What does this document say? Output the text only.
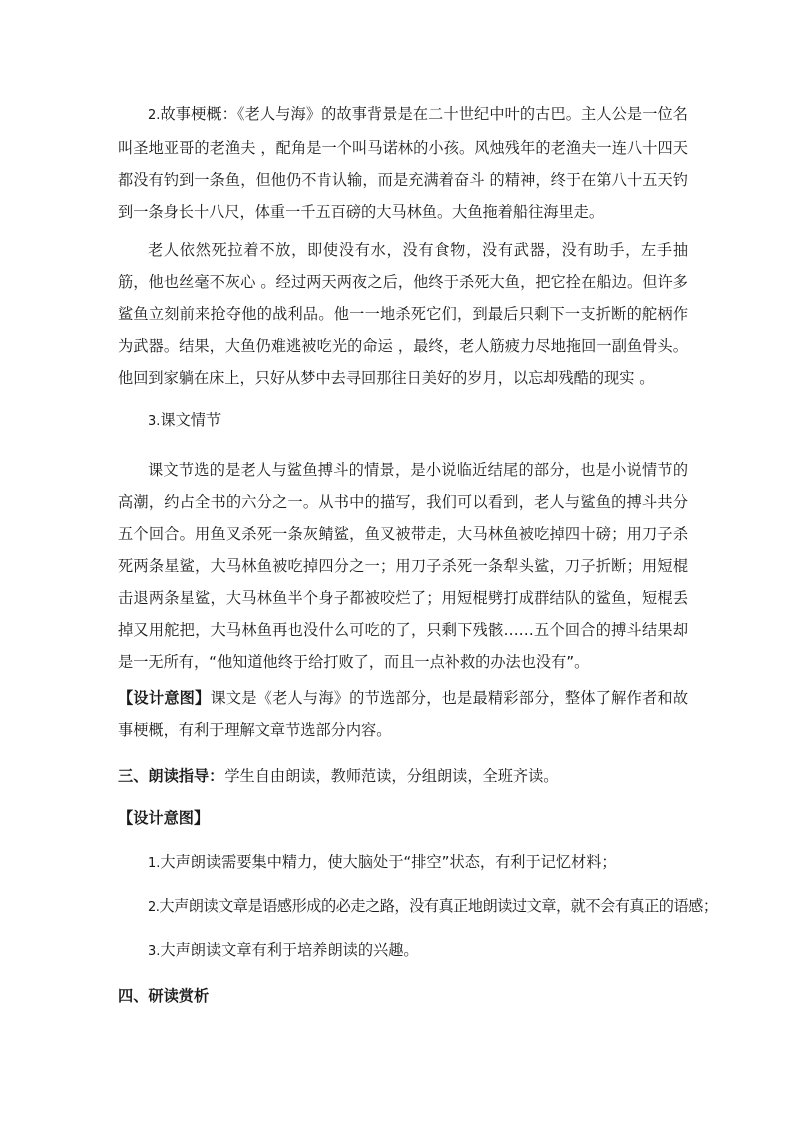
2.故事梗概：《老人与海》的故事背景是在二十世纪中叶的古巴。主人公是一位名叫圣地亚哥的老渔夫 ，配角是一个叫马诺林的小孩。风烛残年的老渔夫一连八十四天都没有钓到一条鱼，但他仍不肯认输，而是充满着奋斗 的精神，终于在第八十五天钓到一条身长十八尺，体重一千五百磅的大马林鱼。大鱼拖着船往海里走。

老人依然死拉着不放，即使没有水，没有食物，没有武器，没有助手，左手抽筋，他也丝毫不灰心 。经过两天两夜之后，他终于杀死大鱼，把它拴在船边。但许多鲨鱼立刻前来抢夺他的战利品。他一一地杀死它们，到最后只剩下一支折断的舵柄作为武器。结果，大鱼仍难逃被吃光的命运 ，最终，老人筋疲力尽地拖回一副鱼骨头。他回到家躺在床上，只好从梦中去寻回那往日美好的岁月，以忘却残酷的现实 。

3.课文情节

课文节选的是老人与鲨鱼搏斗的情景，是小说临近结尾的部分，也是小说情节的高潮，约占全书的六分之一。从书中的描写，我们可以看到，老人与鲨鱼的搏斗共分五个回合。用鱼叉杀死一条灰鲭鲨，鱼叉被带走，大马林鱼被吃掉四十磅；用刀子杀死两条星鲨，大马林鱼被吃掉四分之一；用刀子杀死一条犁头鲨，刀子折断；用短棍击退两条星鲨，大马林鱼半个身子都被咬烂了；用短棍劈打成群结队的鲨鱼，短棍丢掉又用舵把，大马林鱼再也没什么可吃的了，只剩下残骸……五个回合的搏斗结果却是一无所有，“他知道他终于给打败了，而且一点补救的办法也没有”。

【设计意图】课文是《老人与海》的节选部分，也是最精彩部分，整体了解作者和故事梗概，有利于理解文章节选部分内容。

三、朗读指导：学生自由朗读，教师范读，分组朗读，全班齐读。

【设计意图】

1.大声朗读需要集中精力，使大脑处于“排空”状态，有利于记忆材料；

2.大声朗读文章是语感形成的必走之路，没有真正地朗读过文章，就不会有真正的语感；

3.大声朗读文章有利于培养朗读的兴趣。

四、研读赏析
